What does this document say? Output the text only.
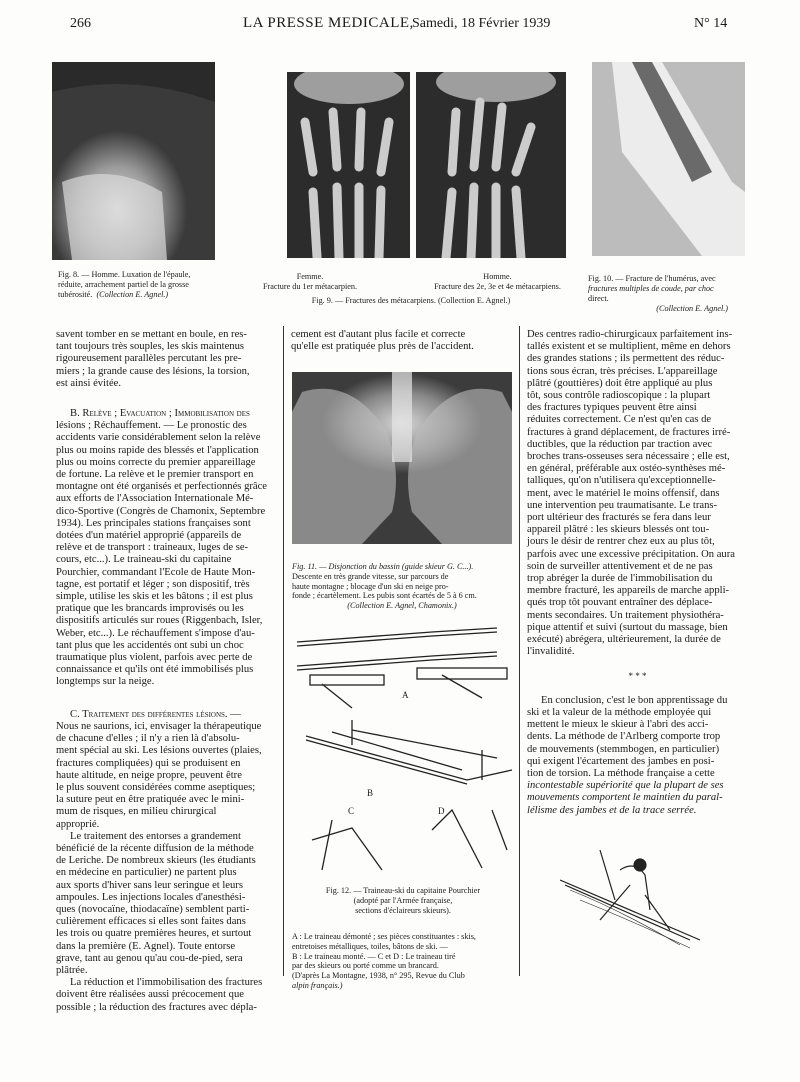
266	LA PRESSE MEDICALE,
Samedi, 18 Février 1939	N° 14
Fig. 8. — Homme. Luxation de l'épaule,
réduite, arrachement partiel de la grosse
tubérosité. (Collection E. Agnel.)
Femme.
Fracture du 1er métacarpien.
Homme.
Fracture des 2e, 3e et 4e métacarpiens.
Fig. 9. — Fractures des métacarpiens. (Collection E. Agnel.)
Fig. 10. — Fracture de l'humérus, avec
fractures multiples de coude, par choc
direct.
(Collection E. Agnel.)

savent tomber en se mettant en boule, en res-

tant toujours très souples, les skis maintenus

rigoureusement parallèles percutant les pre-

miers ; la grande cause des lésions, la torsion,

est ainsi évitée.

B. Relève ; Evacuation ; Immobilisation des

lésions ; Réchauffement. — Le pronostic des

accidents varie considérablement selon la relève

plus ou moins rapide des blessés et l'application

plus ou moins correcte du premier appareillage

de fortune. La relève et le premier transport en

montagne ont été organisés et perfectionnés grâce

aux efforts de l'Association Internationale Mé-

dico-Sportive (Congrès de Chamonix, Septembre

1934). Les principales stations françaises sont

dotées d'un matériel approprié (appareils de

relève et de transport : traineaux, luges de se-

cours, etc...). Le traineau-ski du capitaine

Pourchier, commandant l'Ecole de Haute Mon-

tagne, est portatif et léger ; son dispositif, très

simple, utilise les skis et les bâtons ; il est plus

pratique que les brancards improvisés ou les

dispositifs articulés sur roues (Riggenbach, Isler,

Weber, etc...). Le réchauffement s'impose d'au-

tant plus que les accidentés ont subi un choc

traumatique plus violent, parfois avec perte de

connaissance et qu'ils ont été immobilisés plus

longtemps sur la neige.

C. Traitement des différentes lésions. —

Nous ne saurions, ici, envisager la thérapeutique

de chacune d'elles ; il n'y a rien là d'absolu-

ment spécial au ski. Les lésions ouvertes (plaies,

fractures compliquées) qui se produisent en

haute altitude, en neige propre, peuvent être

le plus souvent considérées comme aseptiques;

la suture peut en être pratiquée avec le mini-

mum de risques, en milieu chirurgical

approprié.

Le traitement des entorses a grandement

bénéficié de la récente diffusion de la méthode

de Leriche. De nombreux skieurs (les étudiants

en médecine en particulier) ne partent plus

aux sports d'hiver sans leur seringue et leurs

ampoules. Les injections locales d'anesthési-

ques (novocaïne, thiodacaïne) semblent parti-

culièrement efficaces si elles sont faites dans

les trois ou quatre premières heures, et surtout

dans la première (E. Agnel). Toute entorse

grave, tant au genou qu'au cou-de-pied, sera

plâtrée.

La réduction et l'immobilisation des fractures

doivent être réalisées aussi précocement que

possible ; la réduction des fractures avec dépla-

cement est d'autant plus facile et correcte

qu'elle est pratiquée plus près de l'accident.

Fig. 11. — Disjonction du bassin (guide skieur G. C...).
Descente en très grande vitesse, sur parcours de
haute montagne ; blocage d'un ski en neige pro-
fonde ; écartèlement. Les pubis sont écartés de 5 à 6 cm.
(Collection E. Agnel, Chamonix.)
A
B
C	D
Fig. 12. — Traineau-ski du capitaine Pourchier
(adopté par l'Armée française,
sections d'éclaireurs skieurs).
A : Le traineau démonté ; ses pièces constituantes : skis,
entretoises métalliques, toiles, bâtons de ski. —
B : Le traineau monté. — C et D : Le traineau tiré
par des skieurs ou porté comme un brancard.
(D'après La Montagne, 1938, n° 295, Revue du Club
alpin français.)

Des centres radio-chirurgicaux parfaitement ins-

tallés existent et se multiplient, même en dehors

des grandes stations ; ils permettent des réduc-

tions sous écran, très précises. L'appareillage

plâtré (gouttières) doit être appliqué au plus

tôt, sous contrôle radioscopique : la plupart

des fractures typiques peuvent être ainsi

réduites correctement. Ce n'est qu'en cas de

fractures à grand déplacement, de fractures irré-

ductibles, que la réduction par traction avec

broches trans-osseuses sera nécessaire ; elle est,

en général, préférable aux ostéo-synthèses mé-

talliques, qu'on n'utilisera qu'exceptionnelle-

ment, avec le matériel le moins offensif, dans

une intervention peu traumatisante. Le trans-

port ultérieur des fracturés se fera dans leur

appareil plâtré : les skieurs blessés ont tou-

jours le désir de rentrer chez eux au plus tôt,

parfois avec une excessive précipitation. On aura

soin de surveiller attentivement et de ne pas

trop abréger la durée de l'immobilisation du

membre fracturé, les appareils de marche appli-

qués trop tôt pouvant entraîner des déplace-

ments secondaires. Un traitement physiothéra-

pique attentif et suivi (surtout du massage, bien

exécuté) abrégera, ultérieurement, la durée de

l'invalidité.

* * *

En conclusion, c'est le bon apprentissage du

ski et la valeur de la méthode employée qui

mettent le mieux le skieur à l'abri des acci-

dents. La méthode de l'Arlberg comporte trop

de mouvements (stemmbogen, en particulier)

qui exigent l'écartement des jambes en posi-

tion de torsion. La méthode française a cette

incontestable supériorité que la plupart de ses

mouvements comportent le maintien du paral-

lélisme des jambes et de la trace serrée.
